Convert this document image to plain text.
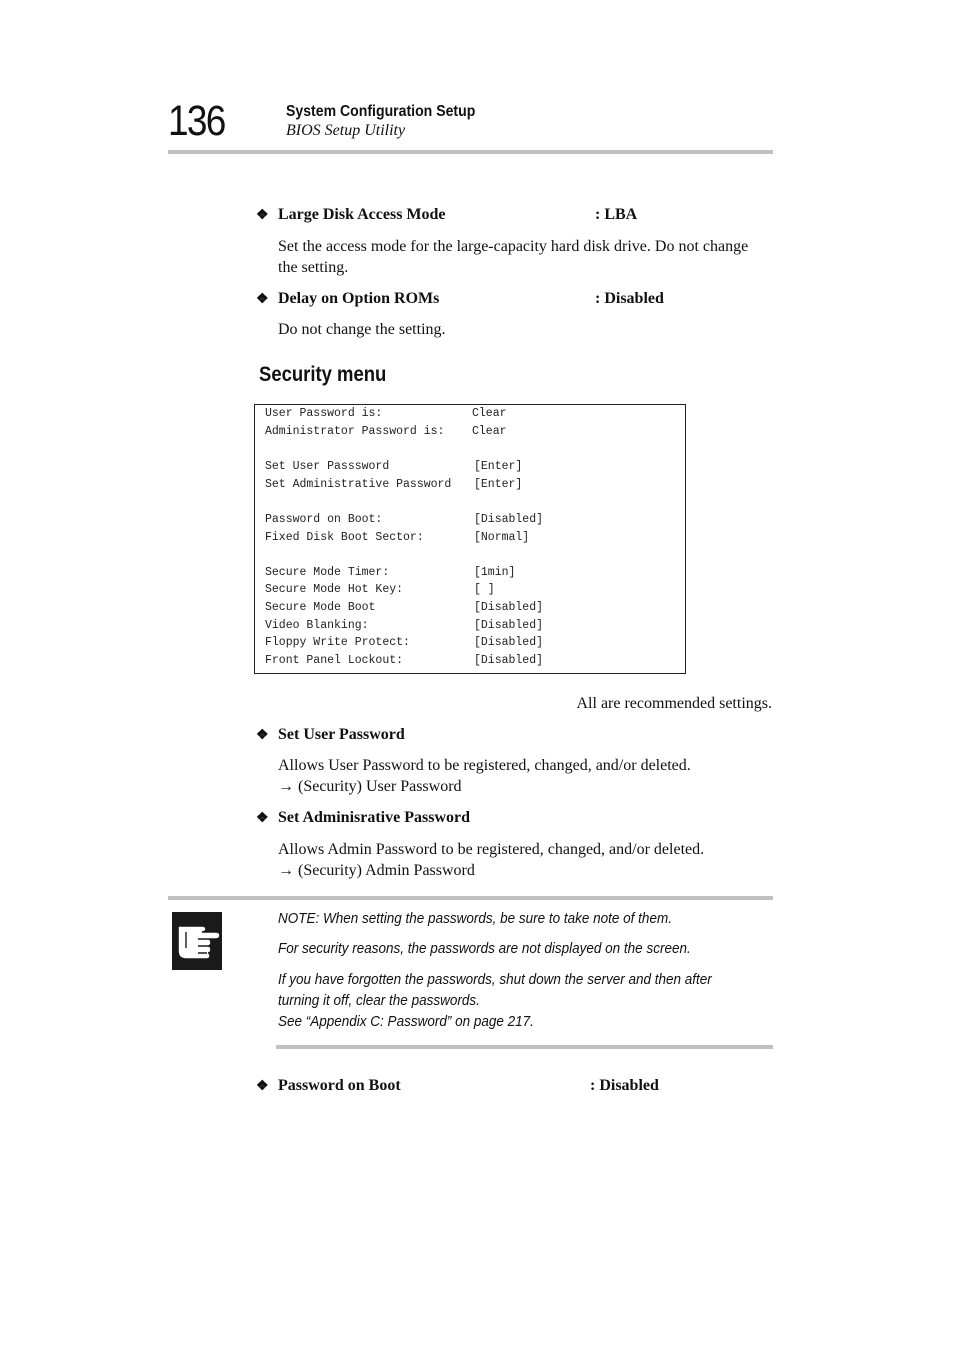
136	System Configuration Setup
BIOS Setup Utility
❖ Large Disk Access Mode	: LBA
Set the access mode for the large-capacity hard disk drive. Do not change
the setting.
❖ Delay on Option ROMs	: Disabled
Do not change the setting.
Security menu
User Password is:	Clear
Administrator Password is: Clear
Set User Passsword	[Enter]
Set Administrative Password [Enter]
Password on Boot:	[Disabled]
Fixed Disk Boot Sector:	[Normal]
Secure Mode Timer:	[1min]
Secure Mode Hot Key:	[ ]
Secure Mode Boot	[Disabled]
Video Blanking:	[Disabled]
Floppy Write Protect:	[Disabled]
Front Panel Lockout:	[Disabled]
All are recommended settings.
❖ Set User Password
Allows User Password to be registered, changed, and/or deleted.
→ (Security) User Password
❖ Set Adminisrative Password
Allows Admin Password to be registered, changed, and/or deleted.
→ (Security) Admin Password
NOTE: When setting the passwords, be sure to take note of them.
For security reasons, the passwords are not displayed on the screen.
If you have forgotten the passwords, shut down the server and then after
turning it off, clear the passwords.
See “Appendix C: Password” on page 217.
❖ Password on Boot	: Disabled
